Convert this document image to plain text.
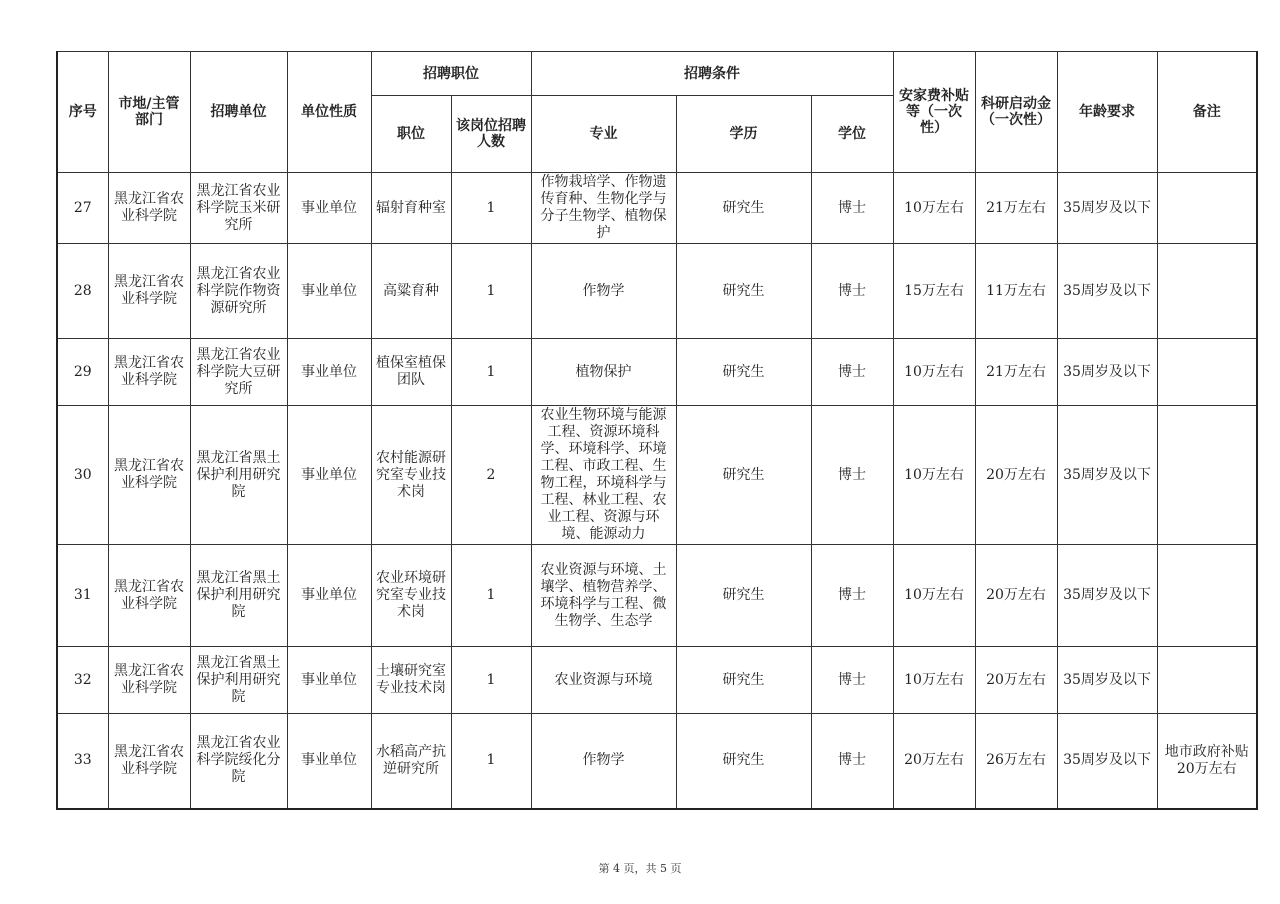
序号	市地/主管部门	招聘单位	单位性质	招聘职位		招聘条件			安家费补贴等（一次性）	科研启动金（一次性）	年龄要求	备注
				职位	该岗位招聘人数	专业	学历	学位				
27	黑龙江省农业科学院	黑龙江省农业科学院玉米研究所	事业单位	辐射育种室	1	作物栽培学、作物遗传育种、生物化学与分子生物学、植物保护	研究生	博士	10万左右	21万左右	35周岁及以下	
28	黑龙江省农业科学院	黑龙江省农业科学院作物资源研究所	事业单位	高粱育种	1	作物学	研究生	博士	15万左右	11万左右	35周岁及以下	
29	黑龙江省农业科学院	黑龙江省农业科学院大豆研究所	事业单位	植保室植保团队	1	植物保护	研究生	博士	10万左右	21万左右	35周岁及以下	
30	黑龙江省农业科学院	黑龙江省黑土保护利用研究院	事业单位	农村能源研究室专业技术岗	2	农业生物环境与能源工程、资源环境科学、环境科学、环境工程、市政工程、生物工程，环境科学与工程、林业工程、农业工程、资源与环境、能源动力	研究生	博士	10万左右	20万左右	35周岁及以下	
31	黑龙江省农业科学院	黑龙江省黑土保护利用研究院	事业单位	农业环境研究室专业技术岗	1	农业资源与环境、土壤学、植物营养学、环境科学与工程、微生物学、生态学	研究生	博士	10万左右	20万左右	35周岁及以下	
32	黑龙江省农业科学院	黑龙江省黑土保护利用研究院	事业单位	土壤研究室专业技术岗	1	农业资源与环境	研究生	博士	10万左右	20万左右	35周岁及以下	
33	黑龙江省农业科学院	黑龙江省农业科学院绥化分院	事业单位	水稻高产抗逆研究所	1	作物学	研究生	博士	20万左右	26万左右	35周岁及以下	地市政府补贴20万左右
第 4 页，共 5 页
